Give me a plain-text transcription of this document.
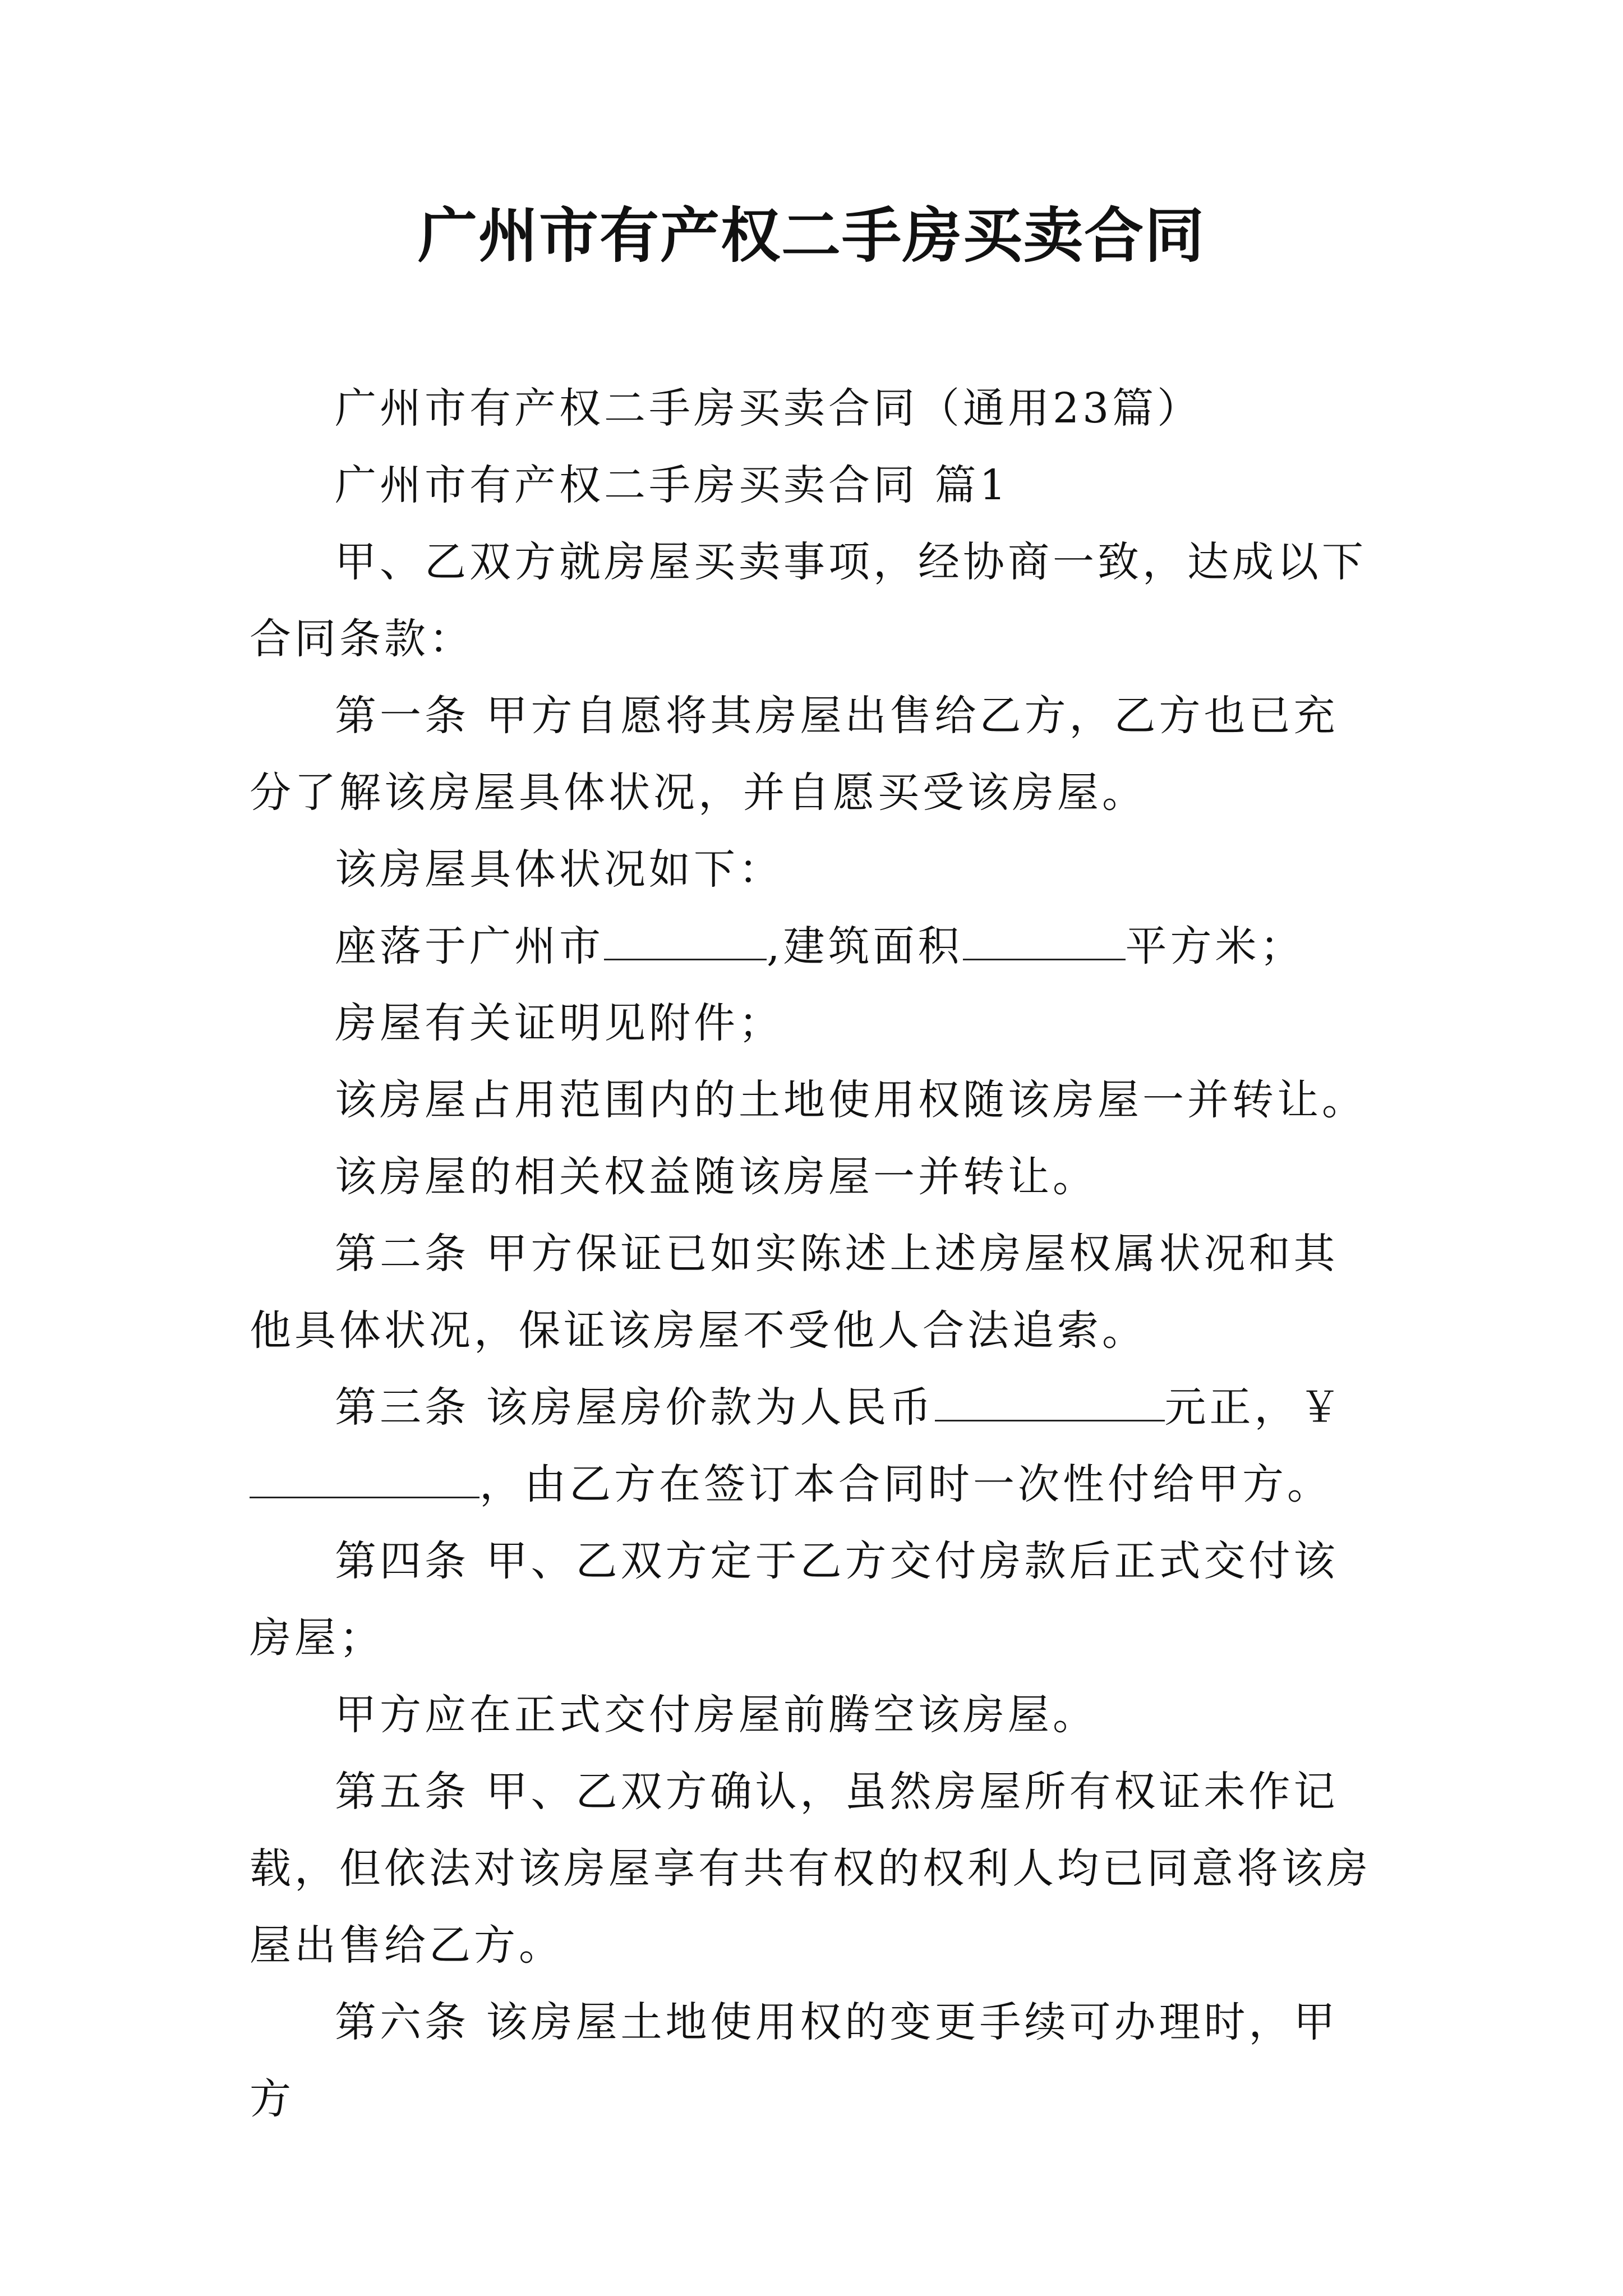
广州市有产权二手房买卖合同

广州市有产权二手房买卖合同（通用23篇）

广州市有产权二手房买卖合同 篇1

甲、乙双方就房屋买卖事项，经协商一致，达成以下合同条款：

第一条 甲方自愿将其房屋出售给乙方，乙方也已充分了解该房屋具体状况，并自愿买受该房屋。

该房屋具体状况如下：

座落于广州市	,建筑面积	平方米；

房屋有关证明见附件；

该房屋占用范围内的土地使用权随该房屋一并转让。

该房屋的相关权益随该房屋一并转让。

第二条 甲方保证已如实陈述上述房屋权属状况和其他具体状况，保证该房屋不受他人合法追索。

第三条 该房屋房价款为人民币	元正，￥，由乙方在签订本合同时一次性付给甲方。

第四条 甲、乙双方定于乙方交付房款后正式交付该房屋；

甲方应在正式交付房屋前腾空该房屋。

第五条 甲、乙双方确认，虽然房屋所有权证未作记载，但依法对该房屋享有共有权的权利人均已同意将该房屋出售给乙方。

第六条 该房屋土地使用权的变更手续可办理时，甲方
